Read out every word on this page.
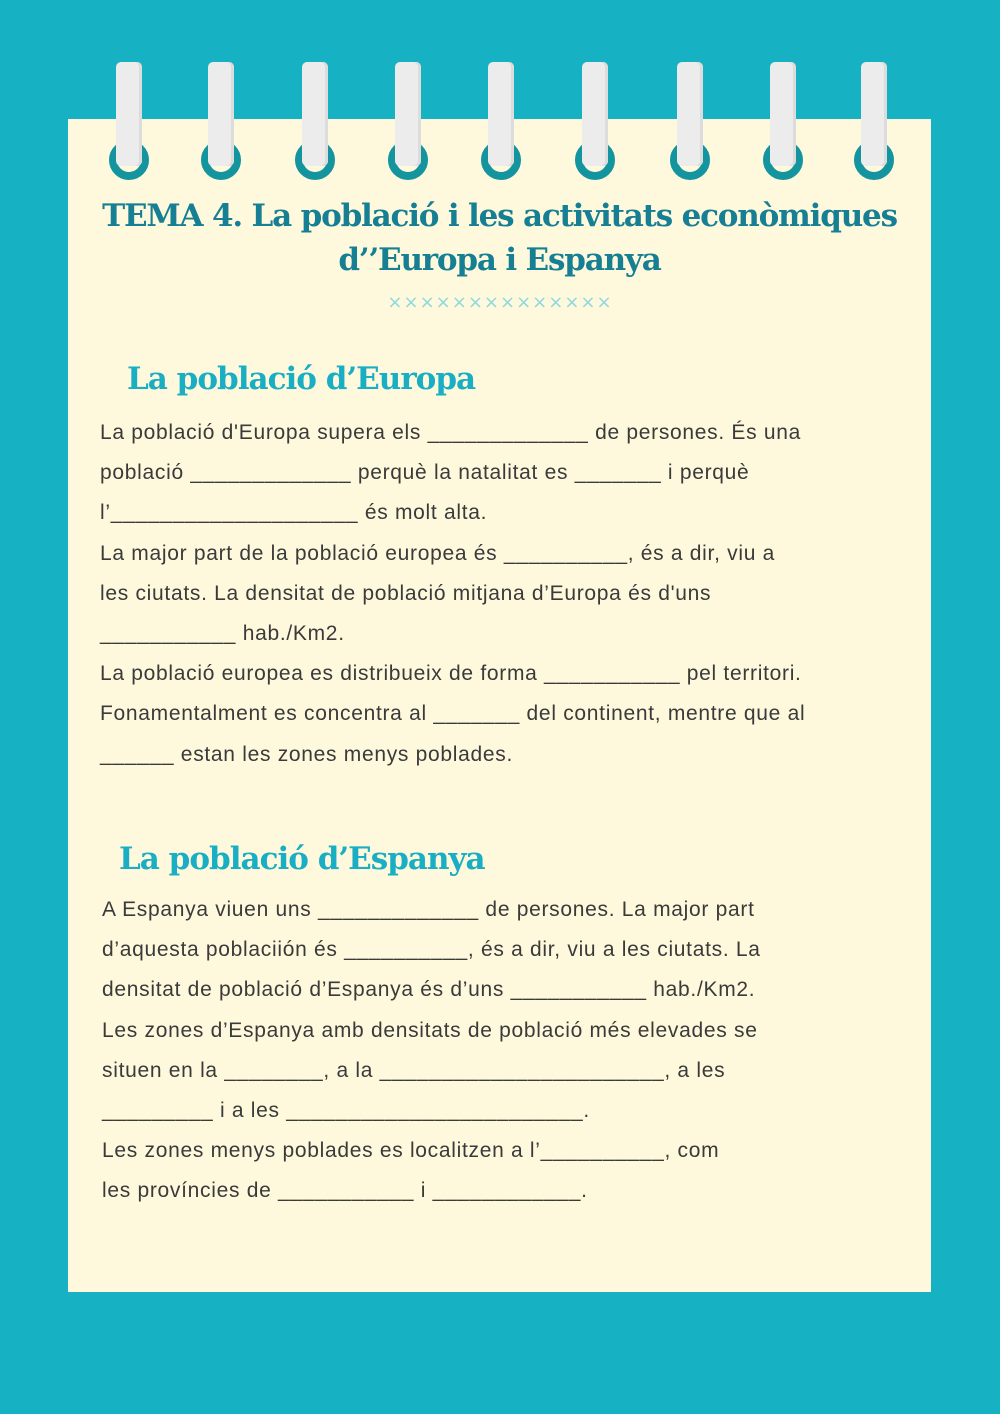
TEMA 4. La població i les activitats econòmiques
d’’Europa i Espanya
××××××××××××××
La població d’Europa
La població d'Europa supera els _____________ de persones. És una
població _____________ perquè la natalitat es _______ i perquè
l’____________________ és molt alta.
La major part de la població europea és __________, és a dir, viu a
les ciutats. La densitat de població mitjana d’Europa és d'uns
___________ hab./Km2.
La població europea es distribueix de forma ___________ pel territori.
Fonamentalment es concentra al _______ del continent, mentre que al
______ estan les zones menys poblades.
La població d’Espanya
A Espanya viuen uns _____________ de persones. La major part
d’aquesta poblaciión és __________, és a dir, viu a les ciutats. La
densitat de població d’Espanya és d’uns ___________ hab./Km2.
Les zones d’Espanya amb densitats de població més elevades se
situen en la ________, a la _______________________, a les
_________ i a les ________________________.
Les zones menys poblades es localitzen a l’__________, com
les províncies de ___________ i ____________.
